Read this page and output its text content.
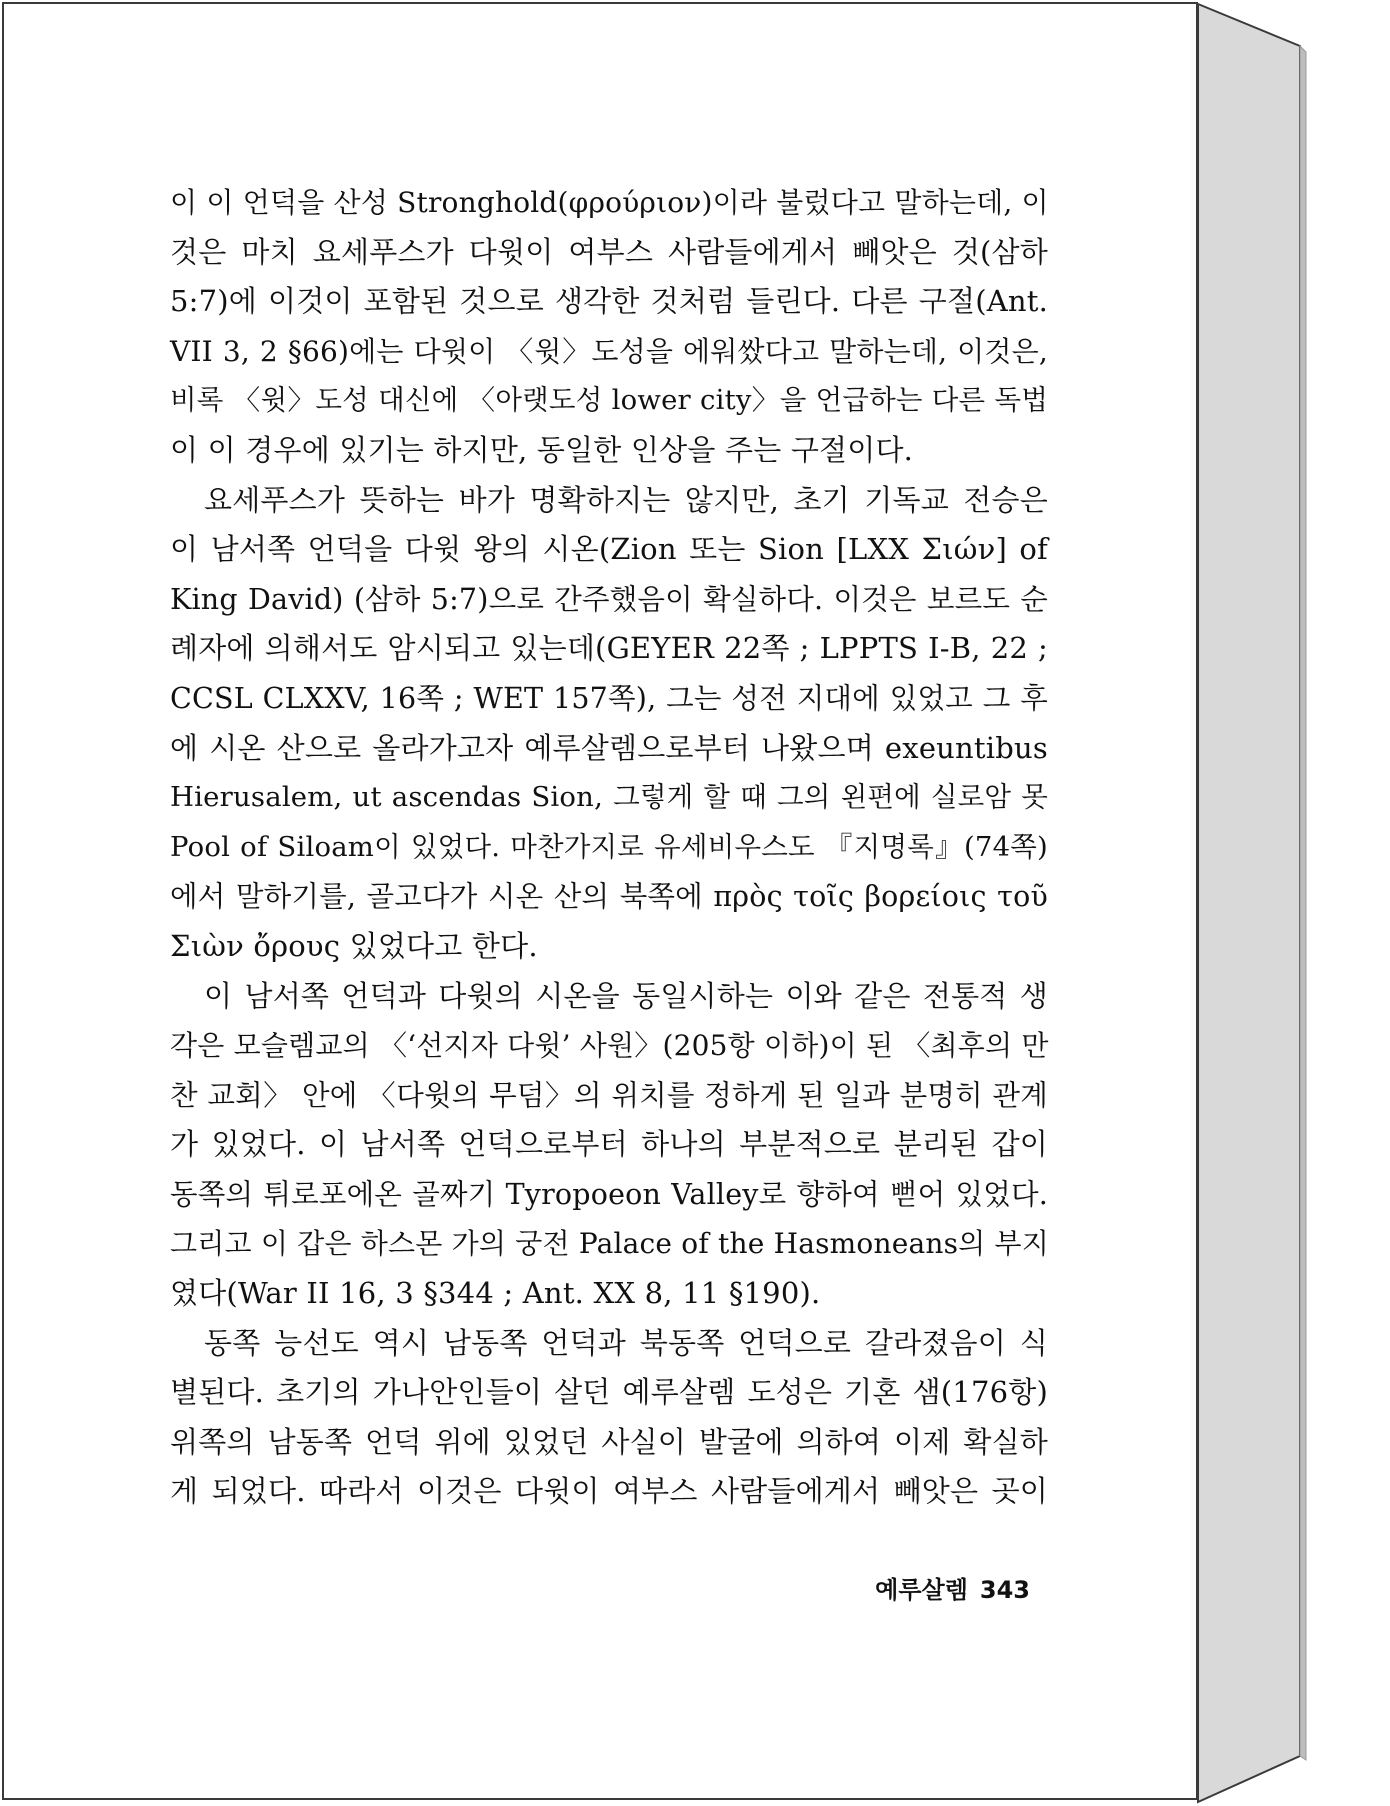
이 이 언덕을 산성 Stronghold(φρούριον)이라 불렀다고 말하는데, 이
것은 마치 요세푸스가 다윗이 여부스 사람들에게서 빼앗은 것(삼하
5:7)에 이것이 포함된 것으로 생각한 것처럼 들린다. 다른 구절(Ant.
VII 3, 2 §66)에는 다윗이 〈윗〉도성을 에워쌌다고 말하는데, 이것은,
비록 〈윗〉도성 대신에 〈아랫도성 lower city〉을 언급하는 다른 독법
이 이 경우에 있기는 하지만, 동일한 인상을 주는 구절이다.
요세푸스가 뜻하는 바가 명확하지는 않지만, 초기 기독교 전승은
이 남서쪽 언덕을 다윗 왕의 시온(Zion 또는 Sion [LXX Σιών] of
King David) (삼하 5:7)으로 간주했음이 확실하다. 이것은 보르도 순
례자에 의해서도 암시되고 있는데(GEYER 22쪽 ; LPPTS I-B, 22 ;
CCSL CLXXV, 16쪽 ; WET 157쪽), 그는 성전 지대에 있었고 그 후
에 시온 산으로 올라가고자 예루살렘으로부터 나왔으며 exeuntibus
Hierusalem, ut ascendas Sion, 그렇게 할 때 그의 왼편에 실로암 못
Pool of Siloam이 있었다. 마찬가지로 유세비우스도 『지명록』(74쪽)
에서 말하기를, 골고다가 시온 산의 북쪽에 πρὸς τοῖς βορείοις τοῦ
Σιὼν ὄρους 있었다고 한다.
이 남서쪽 언덕과 다윗의 시온을 동일시하는 이와 같은 전통적 생
각은 모슬렘교의 〈‘선지자 다윗’ 사원〉(205항 이하)이 된 〈최후의 만
찬 교회〉 안에 〈다윗의 무덤〉의 위치를 정하게 된 일과 분명히 관계
가 있었다. 이 남서쪽 언덕으로부터 하나의 부분적으로 분리된 갑이
동쪽의 튀로포에온 골짜기 Tyropoeon Valley로 향하여 뻗어 있었다.
그리고 이 갑은 하스몬 가의 궁전 Palace of the Hasmoneans의 부지
였다(War II 16, 3 §344 ; Ant. XX 8, 11 §190).
동쪽 능선도 역시 남동쪽 언덕과 북동쪽 언덕으로 갈라졌음이 식
별된다. 초기의 가나안인들이 살던 예루살렘 도성은 기혼 샘(176항)
위쪽의 남동쪽 언덕 위에 있었던 사실이 발굴에 의하여 이제 확실하
게 되었다. 따라서 이것은 다윗이 여부스 사람들에게서 빼앗은 곳이
예루살렘 343
